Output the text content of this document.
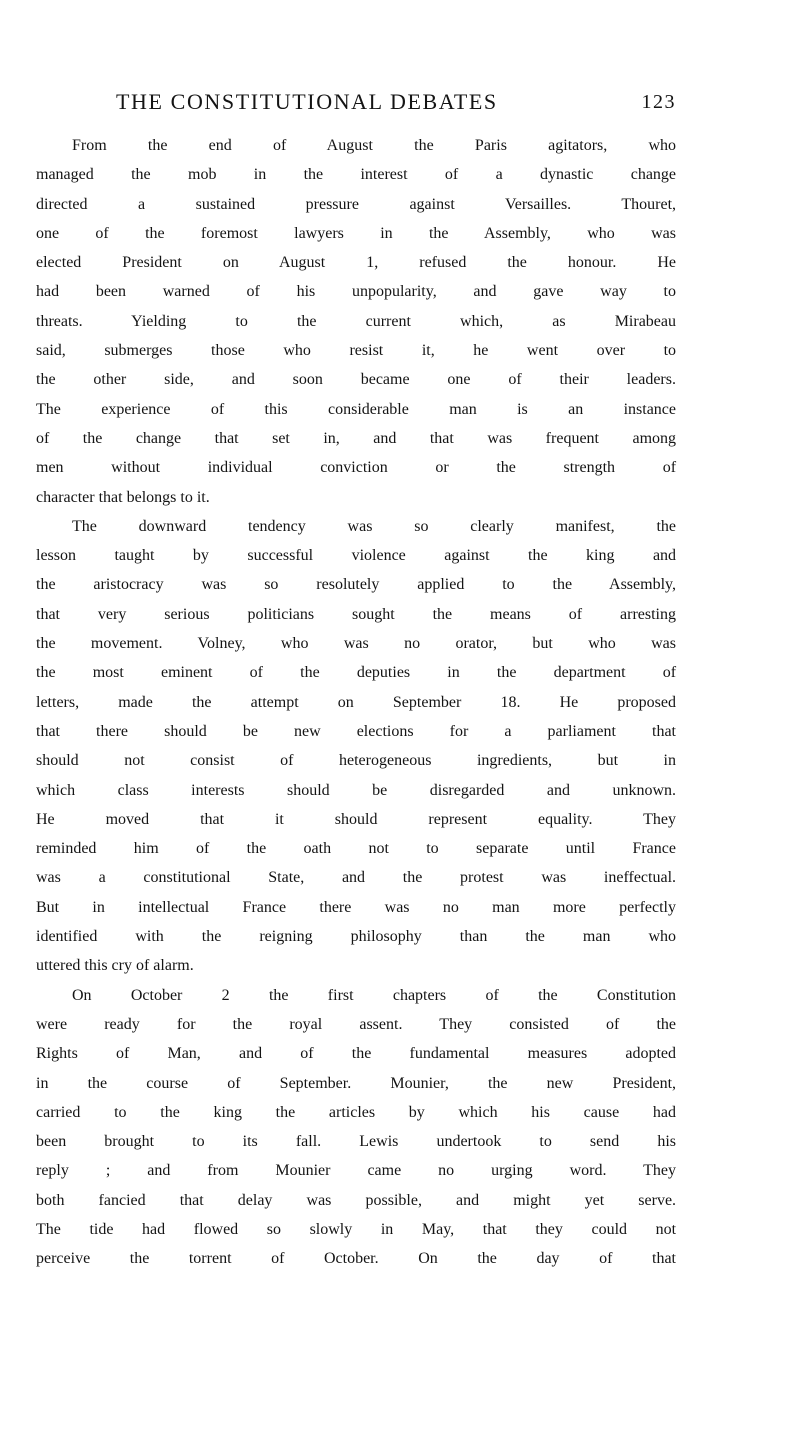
THE CONSTITUTIONAL DEBATES	123
From the end of August the Paris agitators, who
managed the mob in the interest of a dynastic change
directed a sustained pressure against Versailles. Thouret,
one of the foremost lawyers in the Assembly, who was
elected President on August 1, refused the honour. He
had been warned of his unpopularity, and gave way to
threats. Yielding to the current which, as Mirabeau
said, submerges those who resist it, he went over to
the other side, and soon became one of their leaders.
The experience of this considerable man is an instance
of the change that set in, and that was frequent among
men without individual conviction or the strength of
character that belongs to it.
The downward tendency was so clearly manifest, the
lesson taught by successful violence against the king and
the aristocracy was so resolutely applied to the Assembly,
that very serious politicians sought the means of arresting
the movement. Volney, who was no orator, but who was
the most eminent of the deputies in the department of
letters, made the attempt on September 18. He proposed
that there should be new elections for a parliament that
should not consist of heterogeneous ingredients, but in
which class interests should be disregarded and unknown.
He moved that it should represent equality. They
reminded him of the oath not to separate until France
was a constitutional State, and the protest was ineffectual.
But in intellectual France there was no man more perfectly
identified with the reigning philosophy than the man who
uttered this cry of alarm.
On October 2 the first chapters of the Constitution
were ready for the royal assent. They consisted of the
Rights of Man, and of the fundamental measures adopted
in the course of September. Mounier, the new President,
carried to the king the articles by which his cause had
been brought to its fall. Lewis undertook to send his
reply ; and from Mounier came no urging word. They
both fancied that delay was possible, and might yet serve.
The tide had flowed so slowly in May, that they could not
perceive the torrent of October. On the day of that
